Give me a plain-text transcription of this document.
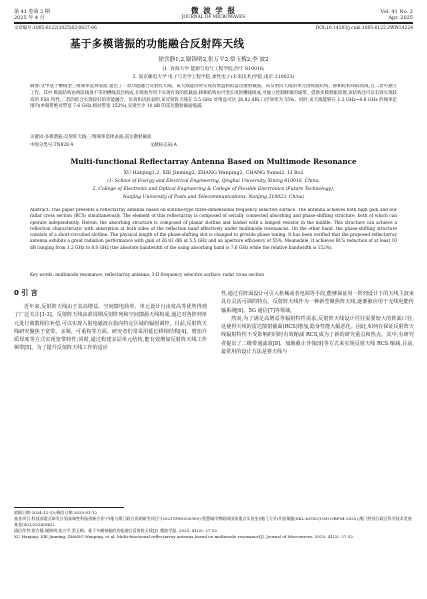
第 41 卷第 2 期
2025 年 4 月
微 波 学 报
JOURNAL OF MICROWAVES
Vol. 41 No. 2
Apr. 2025
文章编号:1005-6122(2025)02-0027-06	DOI:10.14183/j.cnki.1005-6122.2WW24224
基于多模谐振的功能融合反射阵天线
徐含静1,2,谢锦明2,张万平2,常玉梅2,李 波2
(1. 青海大学 能源与电气工程学院,西宁 810016;
2. 南京邮电大学 电子与光学工程学院,柔性电子(未来技术)学院,南京 210023)
摘要:文中基于槽线型三维频率选择表面,提出了一款功能融合反射阵天线。该天线能同时实现高增益和低雷达散射截面。该反射阵天线的单元由吸波结构、移相结构串联而成,且二者可独立工作。其中,吸波结构由两段线条不等的槽线双层构成,在吸收作用下实现有效的低截面;移相结构由可变长度的槽线组成,可独立控制移相的通带。借助多模谐振原理,该结构还可以有效实现较高的 FSS 特性,二者的结合实现较好的功能融合。仿真和试验表明,该反射阵天线在 5.5 GHz 处增益可达 26.82 dBi,口径效率为 55%。同时,该天线能够在 1.2 GHz~8.8 GHz 的频率范围内(单频带绝对带宽 7.6 GHz,相对带宽 152%),实现至少 10 dB 的雷达散射截面缩减。
关键词:多模谐振;反射阵天线;三维频率选择表面;雷达散射截面
中图分类号:TN828.4	文献标志码:A
Multi-functional Reflectarray Antenna Based on Multimode Resonance
XU Hanjing1,2, XIE Jinming2, ZHANG Wanping2, CHANG Yumei2, LI Bo2
(1. School of Energy and Electrical Engineering, Qinghai University, Xining 810016, China;
2. College of Electronic and Optical Engineering & College of Flexible Electronics (Future Technology),
Nanjing University of Posts and Telecommunications, Nanjing 210023, China)
Abstract: This paper presents a reflectarray antenna based on slotline-type three-dimensional frequency selective surface. The antenna achieves both high gain and low radar cross section (RCS) simultaneously. The element of this reflectarray is composed of serially connected absorbing and phase-shifting structure, both of which can operate independently. Herein, the absorbing structure is composed of planar slotline and loaded with a lumped resistor in the middle. This structure can achieve a reflection characteristic with absorption at both sides of the reflection band effectively under multimode resonances. On the other hand, the phase-shifting structure consists of a short-circuited slotline. The physical length of the phase-shifting slot is changed to provide phase tuning. It has been verified that the proposed reflectarray antenna exhibits a great radiation performance with gain of 26.82 dBi at 5.5 GHz and an aperture efficiency of 55%. Meanwhile, it achieves RCS reduction of at least 10 dB ranging from 1.2 GHz to 8.8 GHz (the absolute bandwidth of the using absorbing band is 7.6 GHz while the relative bandwidth is 152%).
Key words: multimode resonance; reflectarray antenna; 3-D frequency selective surface; radar cross section
0 引 言

近年来,反射阵天线由于其高增益、空间馈电简单、单元设计自由度高等优势得到了广泛关注[1-3]。反射阵天线由准周期反射阵列和空间馈源天线构成,通过对各阵列单元进行离散相位补偿,可以实现入射电磁波在指向特定区域的辐射调控。目前,反射阵天线研究聚焦于宽带、多频、可重构等方面。研究者们常采用延长移相结构[4]、增加介质厚度等方式实现宽带特性;同时,通过构建多层单元结构,能有效增加反射阵天线工作频带[5]。为了提升反射阵天线工作的适应

性,通过在阵面设计可引入机械或者电调等手段,能够保证同一阵列设计下的天线主波束具有灵活可调的特点。反射阵天线作为一种新型聚焦阵天线,逐渐被应用于无线电能传输系统[6]、5G 通信[7]等领域。

然而,为了满足高增益等辐射特性需求,反射阵天线设计往往需要较大的阵面口径,这使得天线的雷达散射截面(RCS)增加,隐身性能大幅恶化。因此,如何在保证反射阵天线辐射特性不受影响的同时有效缩减 RCS,成为了新的研究重点和热点。其中,有研究者提出了二级带通滤波[8]、加载截止导体[9]等方式来实现反射天线 RCS 缩减,目前,最常用的设计方法是将天线与

收稿日期:2024-12-13;修回日期:2025-01-12
基金项目:科技部重点研发计划高端性科技创新合作"内地与澳门联合资助研究项目"(2021YFE0205900);智慧城市物联网国家重点实验室(澳门大学)开放课题(SKL-IoTSC(UM)-ORF04-2025);澳门特别行政区科学技术发展基金(001/2024/SKL)
通信作者:徐含静,谢锦明,张万平,常玉梅。基于多模谐振的功能融合反射阵天线[J]. 微波学报, 2025, 41(2): 27-32.
XU Hanjing, XIE Jinming, ZHANG Wanping, et al. Multi-functional reflectarray antenna based on multimode resonance[J]. Journal of Microwaves, 2025, 41(2): 27-32.
